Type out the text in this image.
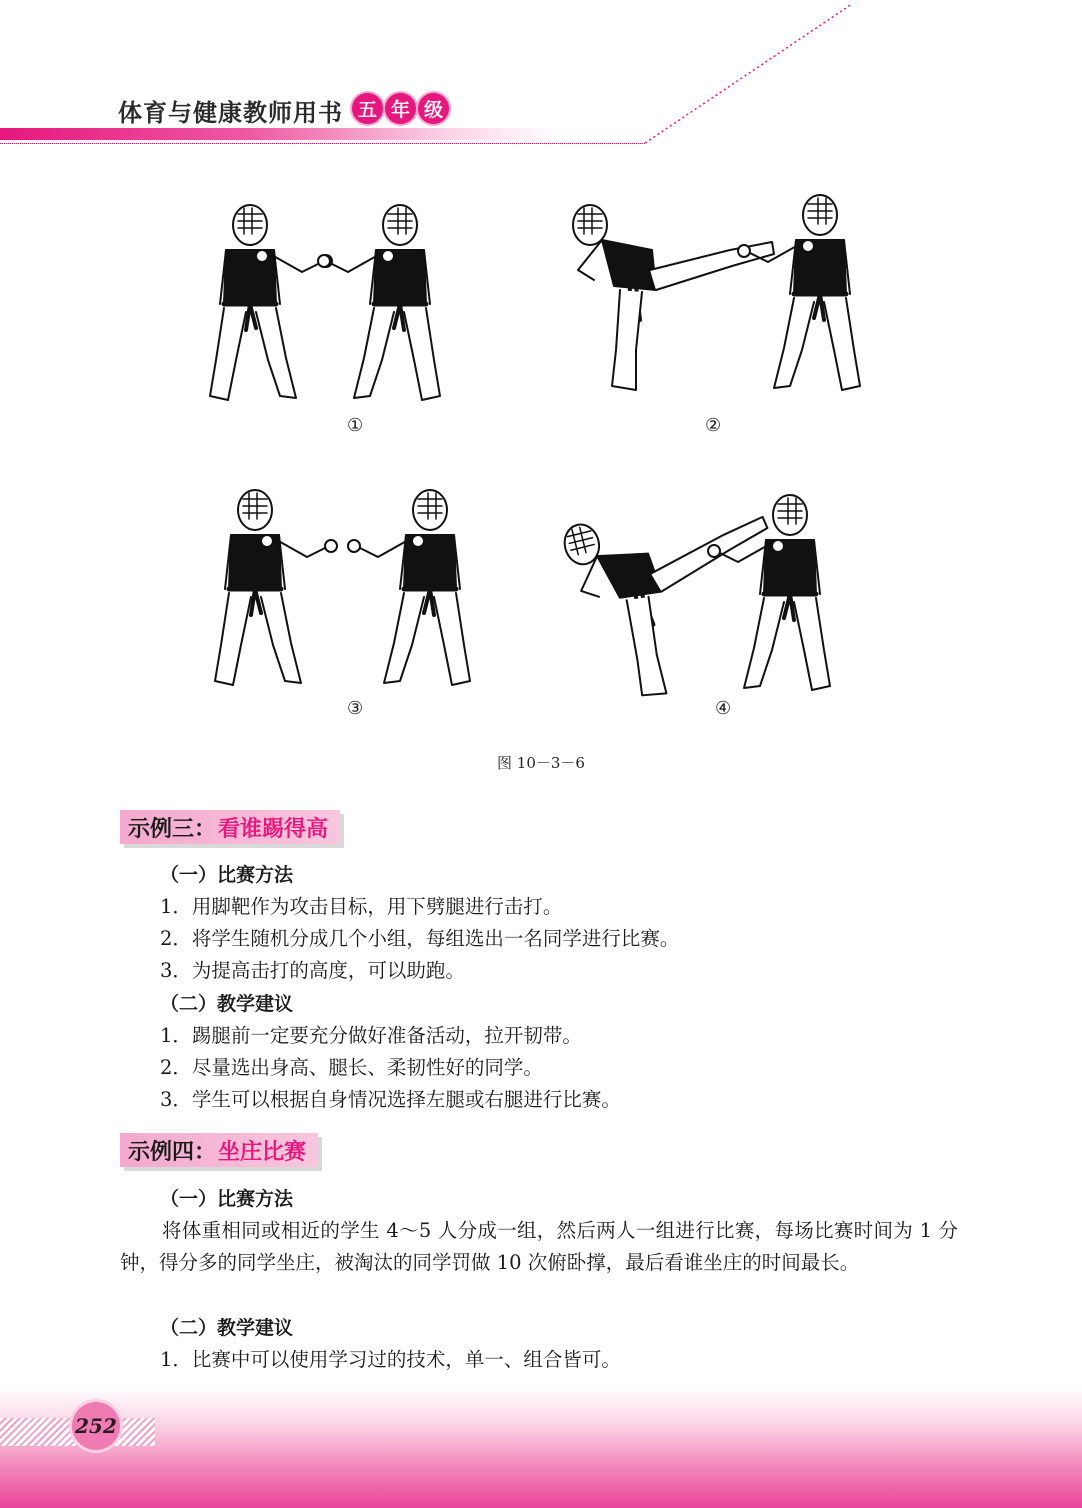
体育与健康教师用书 五 年 级
①	②
③	④
图 10－3－6
示例三： 看谁踢得高
（一）比赛方法
1．用脚靶作为攻击目标，用下劈腿进行击打。
2．将学生随机分成几个小组，每组选出一名同学进行比赛。
3．为提高击打的高度，可以助跑。
（二）教学建议
1．踢腿前一定要充分做好准备活动，拉开韧带。
2．尽量选出身高、腿长、柔韧性好的同学。
3．学生可以根据自身情况选择左腿或右腿进行比赛。
示例四： 坐庄比赛
（一）比赛方法
将体重相同或相近的学生 4～5 人分成一组，然后两人一组进行比赛，每场比赛时间为 1 分钟，得分多的同学坐庄，被淘汰的同学罚做 10 次俯卧撑，最后看谁坐庄的时间最长。
（二）教学建议
1．比赛中可以使用学习过的技术，单一、组合皆可。
252
